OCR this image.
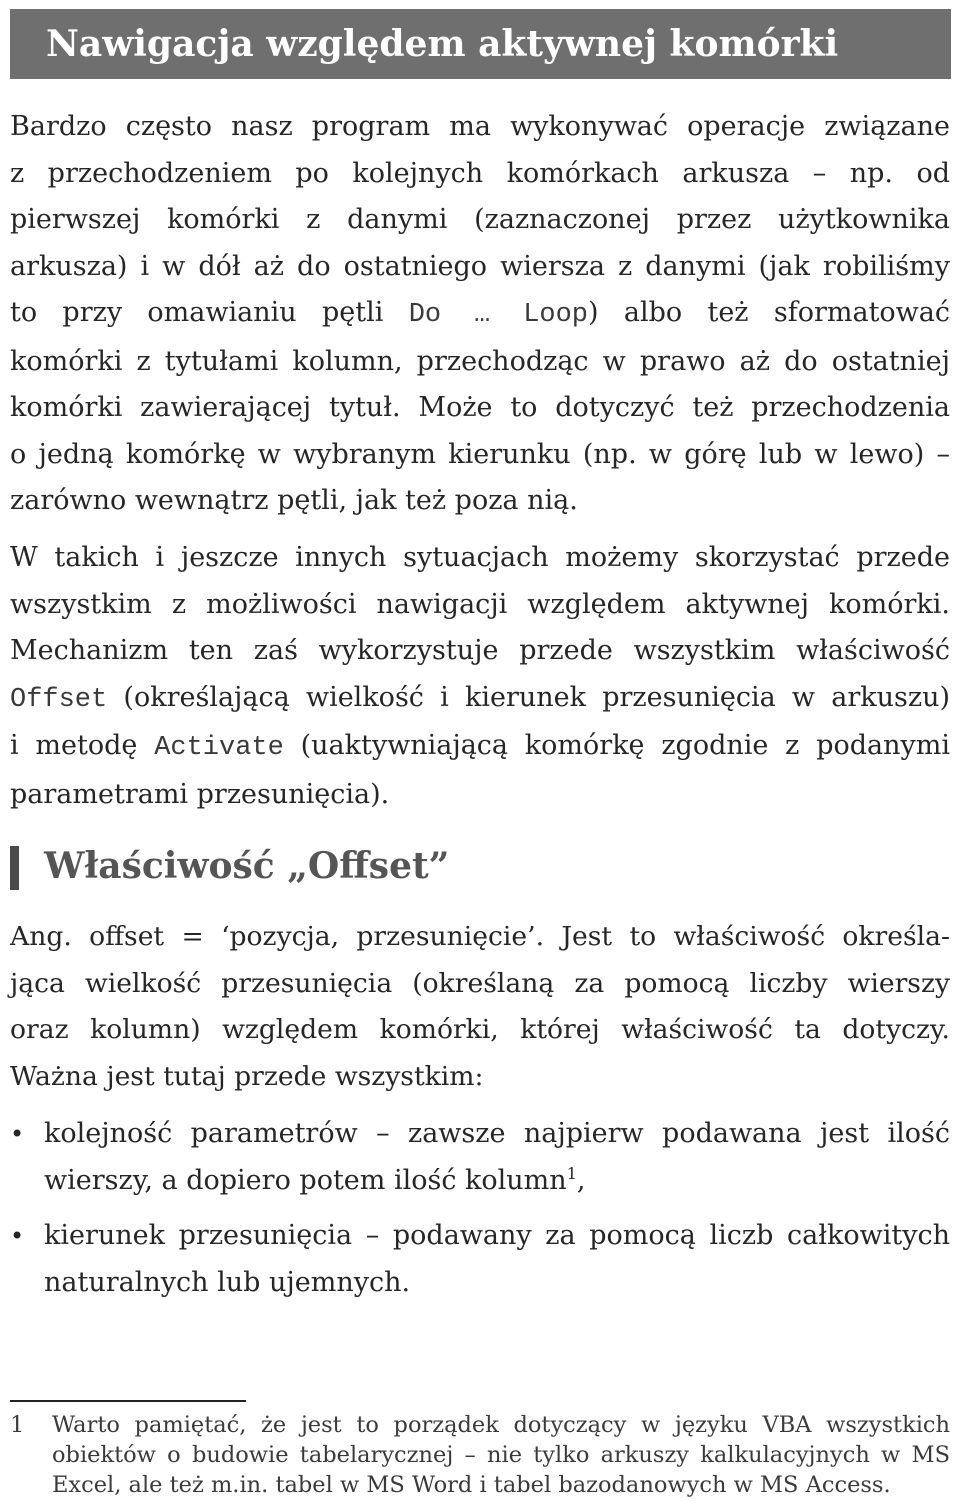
Nawigacja względem aktywnej komórki

Bardzo często nasz program ma wykonywać operacje związane
z przechodzeniem po kolejnych komórkach arkusza – np. od
pierwszej komórki z danymi (zaznaczonej przez użytkownika
arkusza) i w dół aż do ostatniego wiersza z danymi (jak robiliśmy
to przy omawianiu pętli Do … Loop) albo też sformatować
komórki z tytułami kolumn, przechodząc w prawo aż do ostatniej
komórki zawierającej tytuł. Może to dotyczyć też przechodzenia
o jedną komórkę w wybranym kierunku (np. w górę lub w lewo) –
zarówno wewnątrz pętli, jak też poza nią.

W takich i jeszcze innych sytuacjach możemy skorzystać przede
wszystkim z możliwości nawigacji względem aktywnej komórki.
Mechanizm ten zaś wykorzystuje przede wszystkim właściwość
Offset (określającą wielkość i kierunek przesunięcia w arkuszu)
i metodę Activate (uaktywniającą komórkę zgodnie z podanymi
parametrami przesunięcia).

Właściwość „Offset”

Ang. offset = ‘pozycja, przesunięcie’. Jest to właściwość określa-
jąca wielkość przesunięcia (określaną za pomocą liczby wierszy
oraz kolumn) względem komórki, której właściwość ta dotyczy.
Ważna jest tutaj przede wszystkim:

• kolejność parametrów – zawsze najpierw podawana jest ilość
wierszy, a dopiero potem ilość kolumn$^1$,
• kierunek przesunięcia – podawany za pomocą liczb całkowitych
naturalnych lub ujemnych.
1 Warto pamiętać, że jest to porządek dotyczący w języku VBA wszystkich
obiektów o budowie tabelarycznej – nie tylko arkuszy kalkulacyjnych w MS
Excel, ale też m.in. tabel w MS Word i tabel bazodanowych w MS Access.
